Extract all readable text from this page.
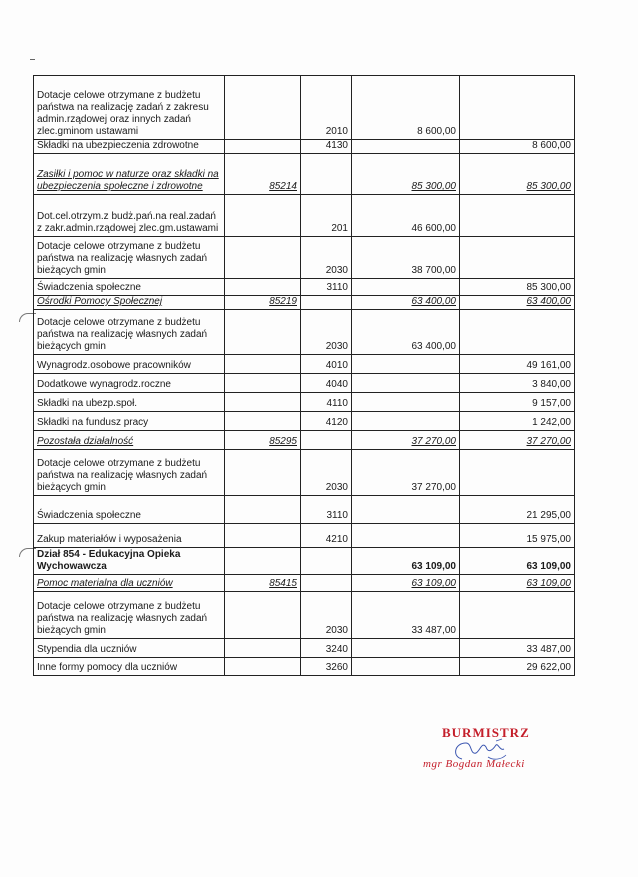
Dotacje celowe otrzymane z budżetu państwa na realizację zadań z zakresu admin.rządowej oraz innych zadań zlec.gminom ustawami		2010	8 600,00	
Składki na ubezpieczenia zdrowotne		4130		8 600,00
Zasiłki i pomoc w naturze oraz składki na ubezpieczenia społeczne i zdrowotne	85214		85 300,00	85 300,00
Dot.cel.otrzym.z budż.pań.na real.zadań z zakr.admin.rządowej zlec.gm.ustawami		201	46 600,00	
Dotacje celowe otrzymane z budżetu państwa na realizację własnych zadań bieżących gmin		2030	38 700,00	
Świadczenia społeczne		3110		85 300,00
Ośrodki Pomocy Społecznej	85219		63 400,00	63 400,00
Dotacje celowe otrzymane z budżetu państwa na realizację własnych zadań bieżących gmin		2030	63 400,00	
Wynagrodz.osobowe pracowników		4010		49 161,00
Dodatkowe wynagrodz.roczne		4040		3 840,00
Składki na ubezp.społ.		4110		9 157,00
Składki na fundusz pracy		4120		1 242,00
Pozostała działalność	85295		37 270,00	37 270,00
Dotacje celowe otrzymane z budżetu państwa na realizację własnych zadań bieżących gmin		2030	37 270,00	
Świadczenia społeczne		3110		21 295,00
Zakup materiałów i wyposażenia		4210		15 975,00
Dział 854 - Edukacyjna Opieka Wychowawcza			63 109,00	63 109,00
Pomoc materialna dla uczniów	85415		63 109,00	63 109,00
Dotacje celowe otrzymane z budżetu państwa na realizację własnych zadań bieżących gmin		2030	33 487,00	
Stypendia dla uczniów		3240		33 487,00
Inne formy pomocy dla uczniów		3260		29 622,00
BURMISTRZ
mgr Bogdan Małecki
